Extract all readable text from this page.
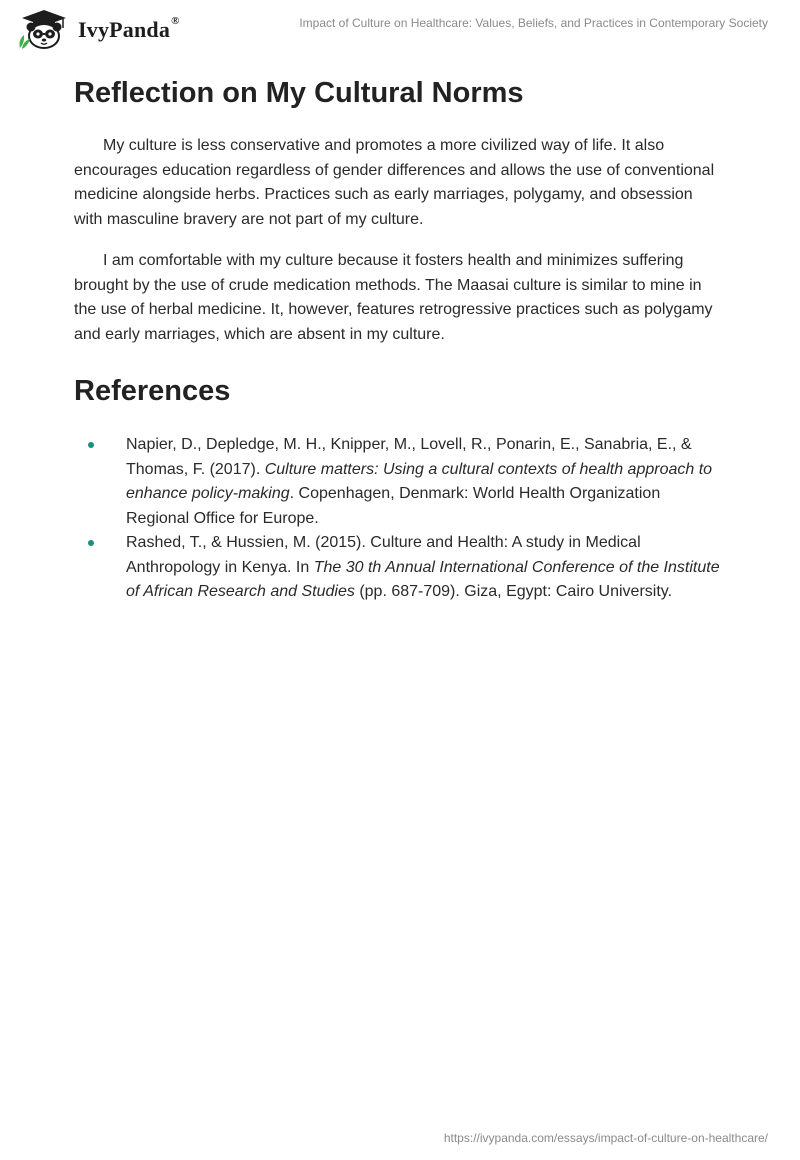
IvyPanda®	Impact of Culture on Healthcare: Values, Beliefs, and Practices in Contemporary Society
Reflection on My Cultural Norms

My culture is less conservative and promotes a more civilized way of life. It also encourages education regardless of gender differences and allows the use of conventional medicine alongside herbs. Practices such as early marriages, polygamy, and obsession with masculine bravery are not part of my culture.

I am comfortable with my culture because it fosters health and minimizes suffering brought by the use of crude medication methods. The Maasai culture is similar to mine in the use of herbal medicine. It, however, features retrogressive practices such as polygamy and early marriages, which are absent in my culture.

References
Napier, D., Depledge, M. H., Knipper, M., Lovell, R., Ponarin, E., Sanabria, E., & Thomas, F. (2017). Culture matters: Using a cultural contexts of health approach to enhance policy-making. Copenhagen, Denmark: World Health Organization Regional Office for Europe.
Rashed, T., & Hussien, M. (2015). Culture and Health: A study in Medical Anthropology in Kenya. In The 30 th Annual International Conference of the Institute of African Research and Studies (pp. 687-709). Giza, Egypt: Cairo University.
https://ivypanda.com/essays/impact-of-culture-on-healthcare/
